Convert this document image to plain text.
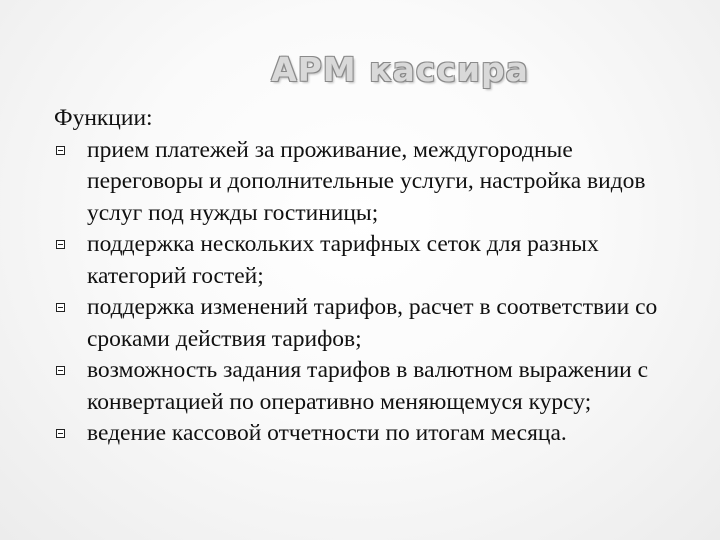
АРМ кассира
Функции:
прием платежей за проживание, междугородные переговоры и дополнительные услуги, настройка видов услуг под нужды гостиницы;
поддержка нескольких тарифных сеток для разных категорий гостей;
поддержка изменений тарифов, расчет в соответствии со сроками действия тарифов;
возможность задания тарифов в валютном выражении с конвертацией по оперативно меняющемуся курсу;
ведение кассовой отчетности по итогам месяца.
